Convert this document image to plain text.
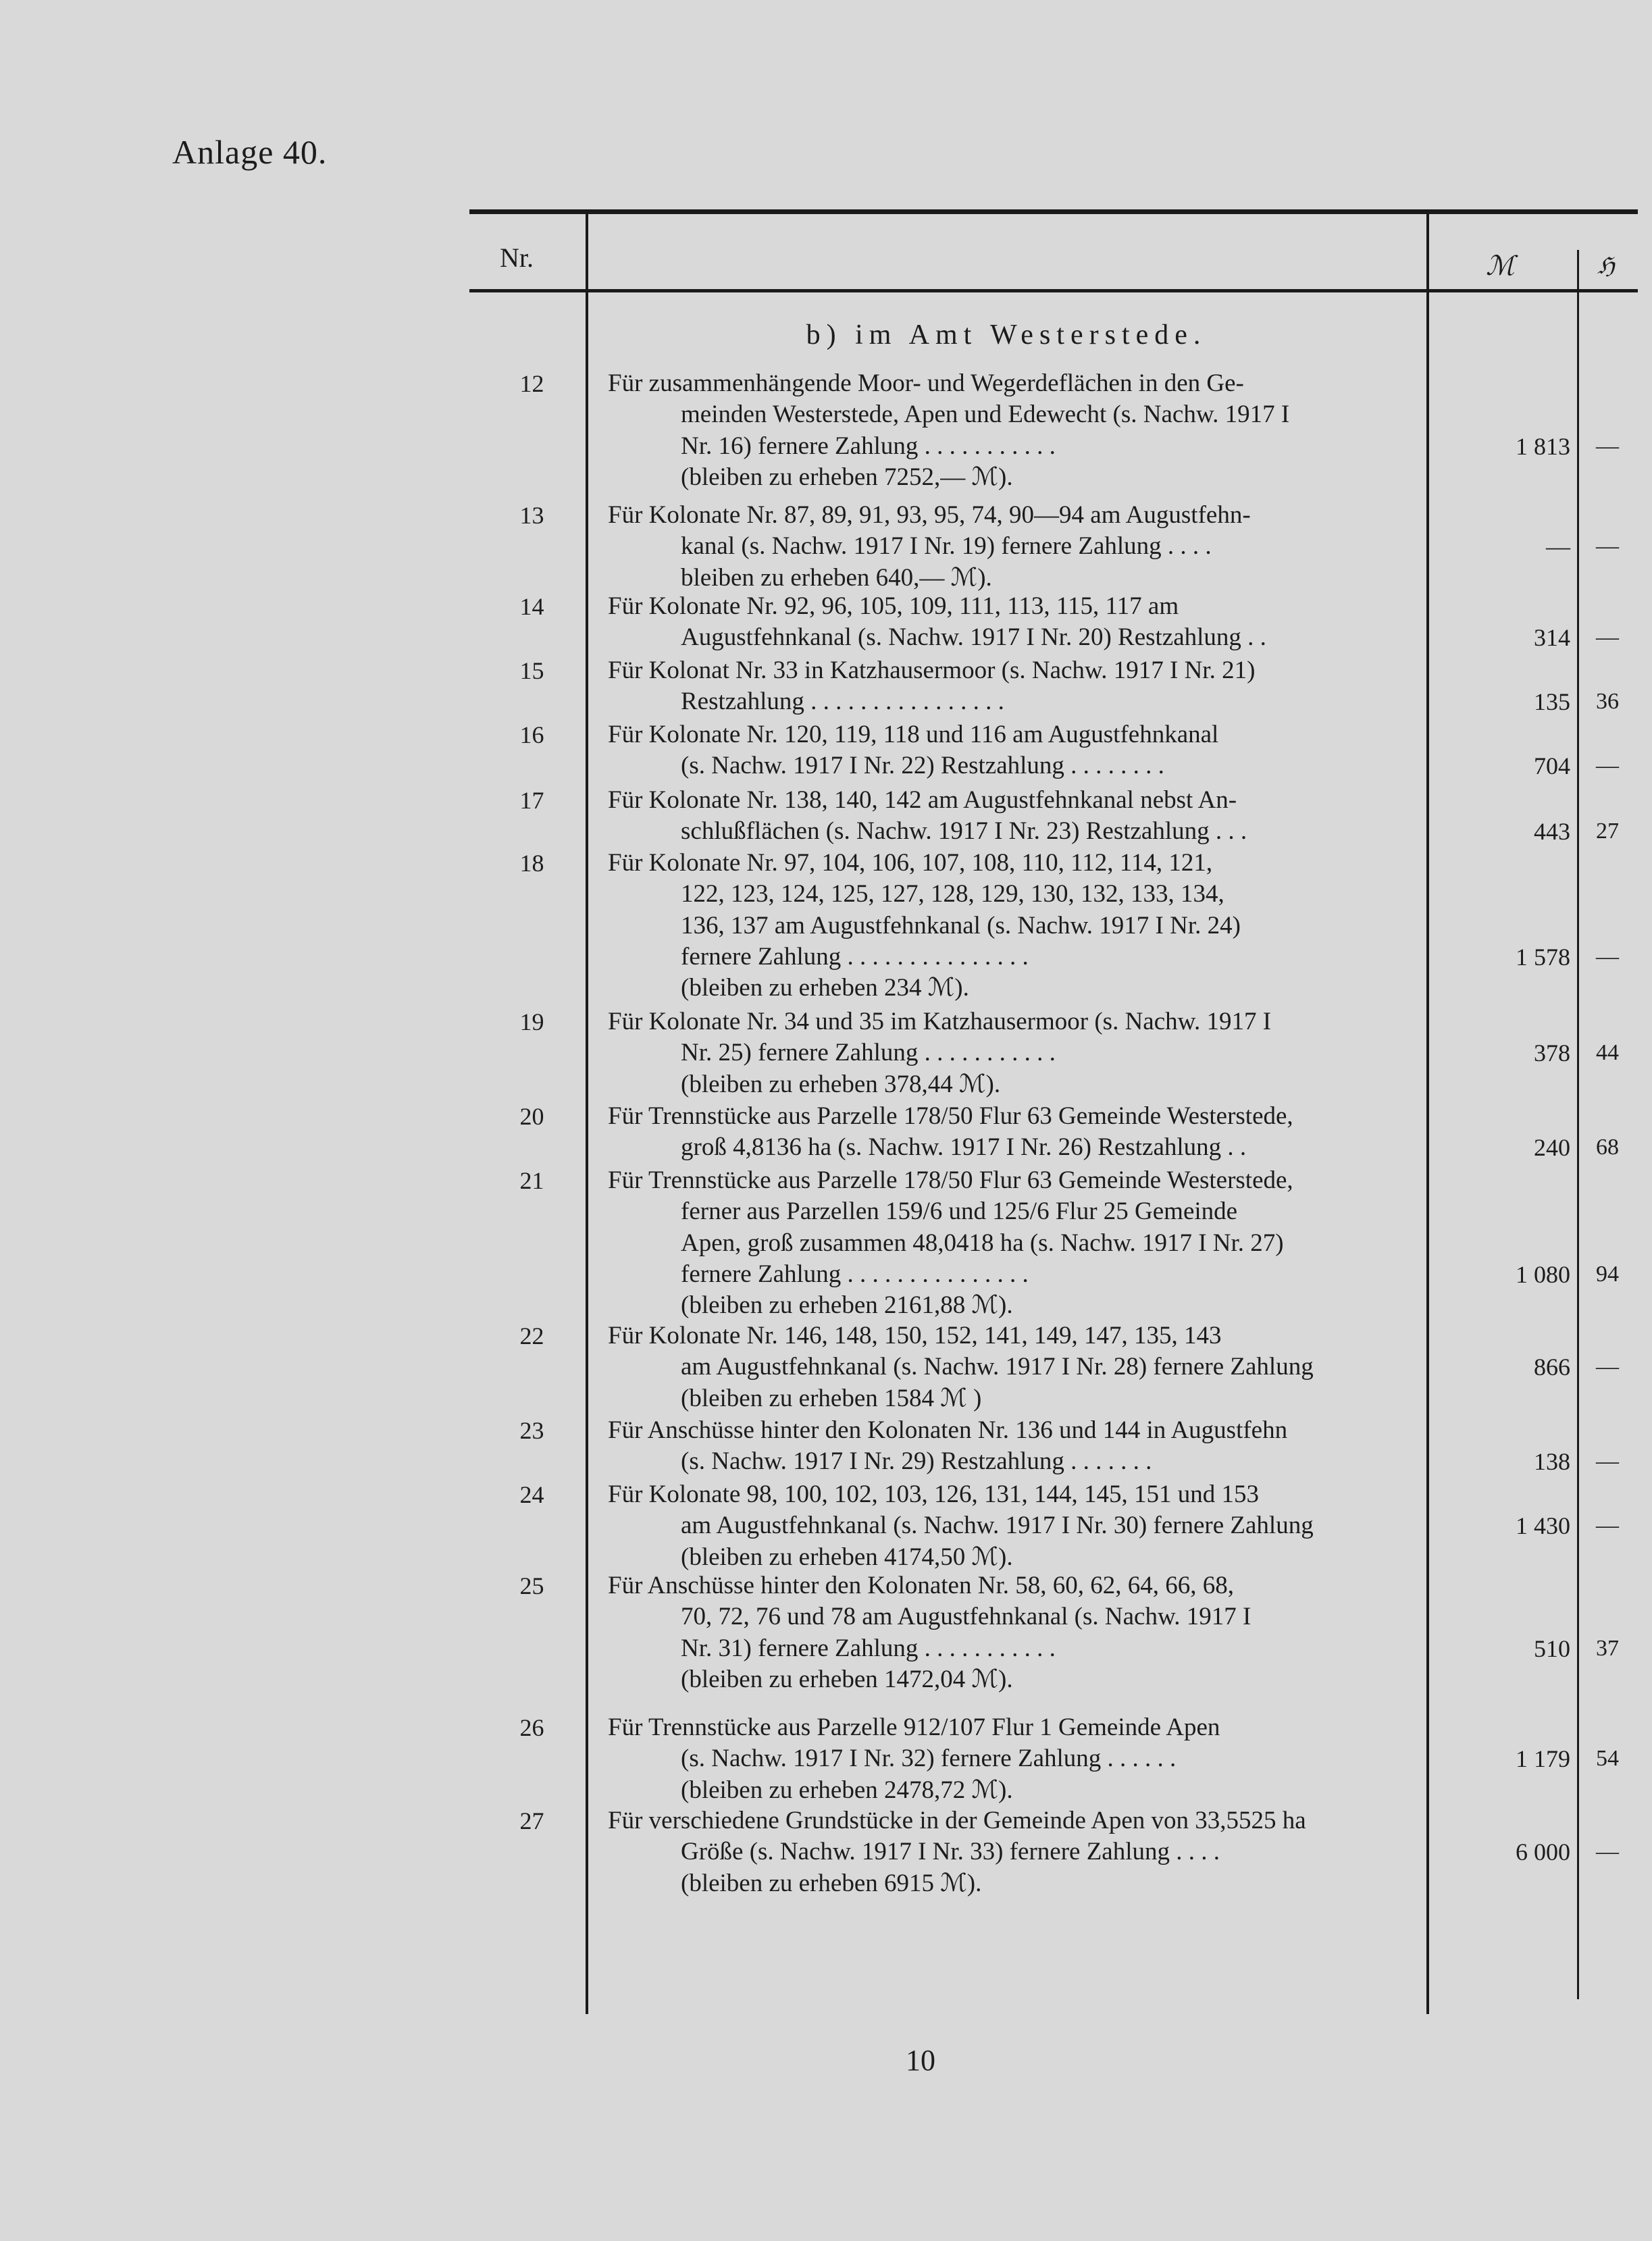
Anlage 40.
Nr.	ℳ	ℌ
b) im Amt Westerstede.
12	Für zusammenhängende Moor- und Wegerdeflächen in den Ge-
meinden Westerstede, Apen und Edewecht (s. Nachw. 1917 I
Nr. 16) fernere Zahlung . . . . . . . . . . .
(bleiben zu erheben 7252,— ℳ).
1 813	—
13	Für Kolonate Nr. 87, 89, 91, 93, 95, 74, 90—94 am Augustfehn-
kanal (s. Nachw. 1917 I Nr. 19) fernere Zahlung . . . .
bleiben zu erheben 640,— ℳ).
—	—
14	Für Kolonate Nr. 92, 96, 105, 109, 111, 113, 115, 117 am
Augustfehnkanal (s. Nachw. 1917 I Nr. 20) Restzahlung . .	314	—
15	Für Kolonat Nr. 33 in Katzhausermoor (s. Nachw. 1917 I Nr. 21)
Restzahlung . . . . . . . . . . . . . . . .	135	36
16	Für Kolonate Nr. 120, 119, 118 und 116 am Augustfehnkanal
(s. Nachw. 1917 I Nr. 22) Restzahlung . . . . . . . .	704	—
17	Für Kolonate Nr. 138, 140, 142 am Augustfehnkanal nebst An-
schlußflächen (s. Nachw. 1917 I Nr. 23) Restzahlung . . .	443	27
18	Für Kolonate Nr. 97, 104, 106, 107, 108, 110, 112, 114, 121,
122, 123, 124, 125, 127, 128, 129, 130, 132, 133, 134,
136, 137 am Augustfehnkanal (s. Nachw. 1917 I Nr. 24)
fernere Zahlung . . . . . . . . . . . . . . .
(bleiben zu erheben 234 ℳ).
1 578	—
19	Für Kolonate Nr. 34 und 35 im Katzhausermoor (s. Nachw. 1917 I
Nr. 25) fernere Zahlung . . . . . . . . . . .
(bleiben zu erheben 378,44 ℳ).
378	44
20	Für Trennstücke aus Parzelle 178/50 Flur 63 Gemeinde Westerstede,
groß 4,8136 ha (s. Nachw. 1917 I Nr. 26) Restzahlung . .	240	68
21	Für Trennstücke aus Parzelle 178/50 Flur 63 Gemeinde Westerstede,
ferner aus Parzellen 159/6 und 125/6 Flur 25 Gemeinde
Apen, groß zusammen 48,0418 ha (s. Nachw. 1917 I Nr. 27)
fernere Zahlung . . . . . . . . . . . . . . .
(bleiben zu erheben 2161,88 ℳ).
1 080	94
22	Für Kolonate Nr. 146, 148, 150, 152, 141, 149, 147, 135, 143
am Augustfehnkanal (s. Nachw. 1917 I Nr. 28) fernere Zahlung
(bleiben zu erheben 1584 ℳ )
866	—
23	Für Anschüsse hinter den Kolonaten Nr. 136 und 144 in Augustfehn
(s. Nachw. 1917 I Nr. 29) Restzahlung . . . . . . .	138	—
24	Für Kolonate 98, 100, 102, 103, 126, 131, 144, 145, 151 und 153
am Augustfehnkanal (s. Nachw. 1917 I Nr. 30) fernere Zahlung
(bleiben zu erheben 4174,50 ℳ).
1 430	—
25	Für Anschüsse hinter den Kolonaten Nr. 58, 60, 62, 64, 66, 68,
70, 72, 76 und 78 am Augustfehnkanal (s. Nachw. 1917 I
Nr. 31) fernere Zahlung . . . . . . . . . . .
(bleiben zu erheben 1472,04 ℳ).
510	37
26	Für Trennstücke aus Parzelle 912/107 Flur 1 Gemeinde Apen
(s. Nachw. 1917 I Nr. 32) fernere Zahlung . . . . . .
(bleiben zu erheben 2478,72 ℳ).
1 179	54
27	Für verschiedene Grundstücke in der Gemeinde Apen von 33,5525 ha
Größe (s. Nachw. 1917 I Nr. 33) fernere Zahlung . . . .
(bleiben zu erheben 6915 ℳ).
6 000	—
10
